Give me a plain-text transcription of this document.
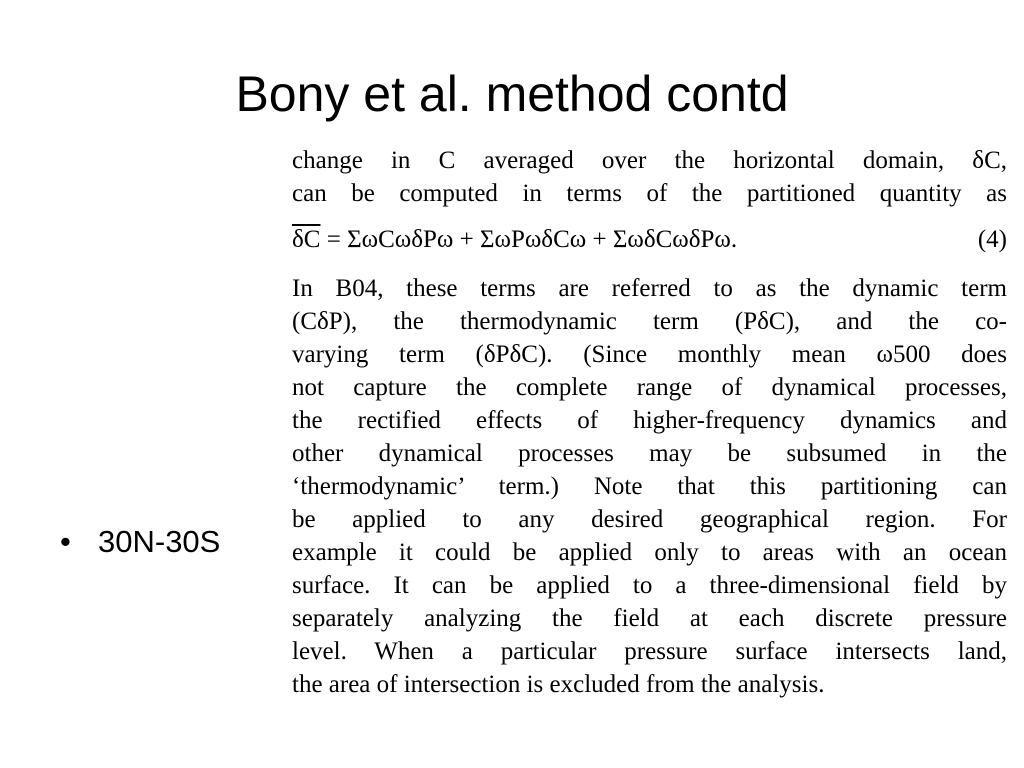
Bony et al. method contd
• 30N-30S
change in C averaged over the horizontal domain, δC,
can be computed in terms of the partitioned quantity as
$\overline{\delta C} = \Sigma\omega C\omega\delta P\omega + \Sigma\omega P\omega\delta C\omega + \Sigma\omega\delta C\omega\delta P\omega$.	(4)
In B04, these terms are referred to as the dynamic term
(CδP), the thermodynamic term (PδC), and the co-
varying term (δPδC). (Since monthly mean ω500 does
not capture the complete range of dynamical processes,
the rectified effects of higher-frequency dynamics and
other dynamical processes may be subsumed in the
‘thermodynamic’ term.) Note that this partitioning can
be applied to any desired geographical region. For
example it could be applied only to areas with an ocean
surface. It can be applied to a three-dimensional field by
separately analyzing the field at each discrete pressure
level. When a particular pressure surface intersects land,
the area of intersection is excluded from the analysis.
